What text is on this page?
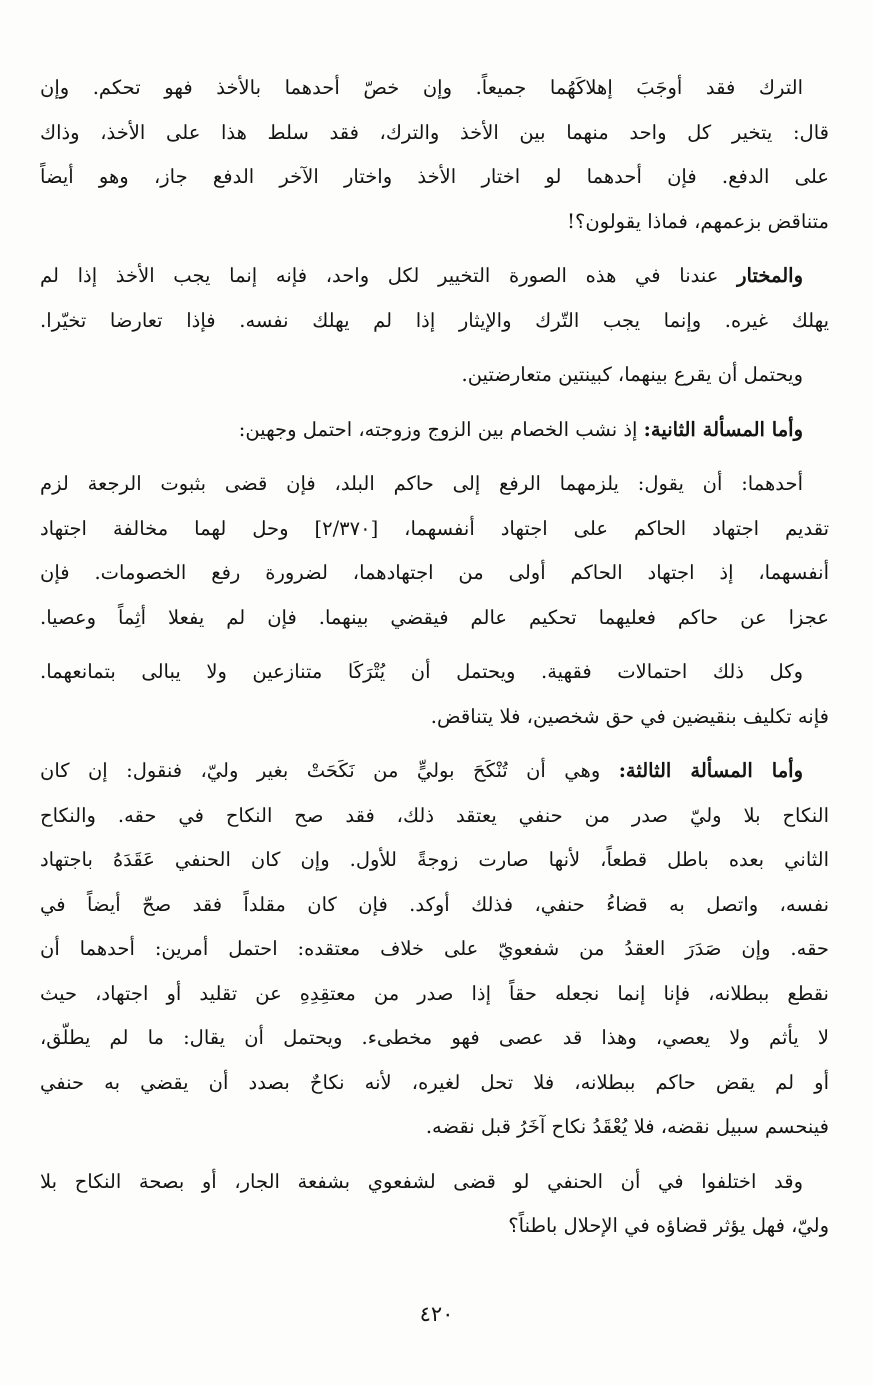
الترك فقد أوجَبَ إهلاكَهُما جميعاً. وإن خصّ أحدهما بالأخذ فهو تحكم. وإن
قال: يتخير كل واحد منهما بين الأخذ والترك، فقد سلط هذا على الأخذ، وذاك
على الدفع. فإن أحدهما لو اختار الأخذ واختار الآخر الدفع جاز، وهو أيضاً
متناقض بزعمهم، فماذا يقولون؟!

والمختار عندنا في هذه الصورة التخيير لكل واحد، فإنه إنما يجب الأخذ إذا لم
يهلك غيره. وإنما يجب التّرك والإيثار إذا لم يهلك نفسه. فإذا تعارضا تخيّرا.

ويحتمل أن يقرع بينهما، كبينتين متعارضتين.

وأما المسألة الثانية: إذ نشب الخصام بين الزوج وزوجته، احتمل وجهين:

أحدهما: أن يقول: يلزمهما الرفع إلى حاكم البلد، فإن قضى بثبوت الرجعة لزم
تقديم اجتهاد الحاكم على اجتهاد أنفسهما، [٢/٣٧٠] وحل لهما مخالفة اجتهاد
أنفسهما، إذ اجتهاد الحاكم أولى من اجتهادهما، لضرورة رفع الخصومات. فإن
عجزا عن حاكم فعليهما تحكيم عالم فيقضي بينهما. فإن لم يفعلا أثِماً وعصيا.

وكل ذلك احتمالات فقهية. ويحتمل أن يُتْرَكَا متنازعين ولا يبالى بتمانعهما.
فإنه تكليف بنقيضين في حق شخصين، فلا يتناقض.

وأما المسألة الثالثة: وهي أن تُنْكَحَ بوليٍّ من نَكَحَتْ بغير وليّ، فنقول: إن كان
النكاح بلا وليّ صدر من حنفي يعتقد ذلك، فقد صح النكاح في حقه. والنكاح
الثاني بعده باطل قطعاً، لأنها صارت زوجةً للأول. وإن كان الحنفي عَقَدَهُ باجتهاد
نفسه، واتصل به قضاءُ حنفي، فذلك أوكد. فإن كان مقلداً فقد صحّ أيضاً في
حقه. وإن صَدَرَ العقدُ من شفعويّ على خلاف معتقده: احتمل أمرين: أحدهما أن
نقطع ببطلانه، فإنا إنما نجعله حقاً إذا صدر من معتقِدِهِ عن تقليد أو اجتهاد، حيث
لا يأثم ولا يعصي، وهذا قد عصى فهو مخطىء. ويحتمل أن يقال: ما لم يطلّق،
أو لم يقض حاكم ببطلانه، فلا تحل لغيره، لأنه نكاحٌ بصدد أن يقضي به حنفي
فينحسم سبيل نقضه، فلا يُعْقَدُ نكاح آخَرُ قبل نقضه.

وقد اختلفوا في أن الحنفي لو قضى لشفعوي بشفعة الجار، أو بصحة النكاح بلا
وليّ، فهل يؤثر قضاؤه في الإحلال باطناً؟

٤٢٠
